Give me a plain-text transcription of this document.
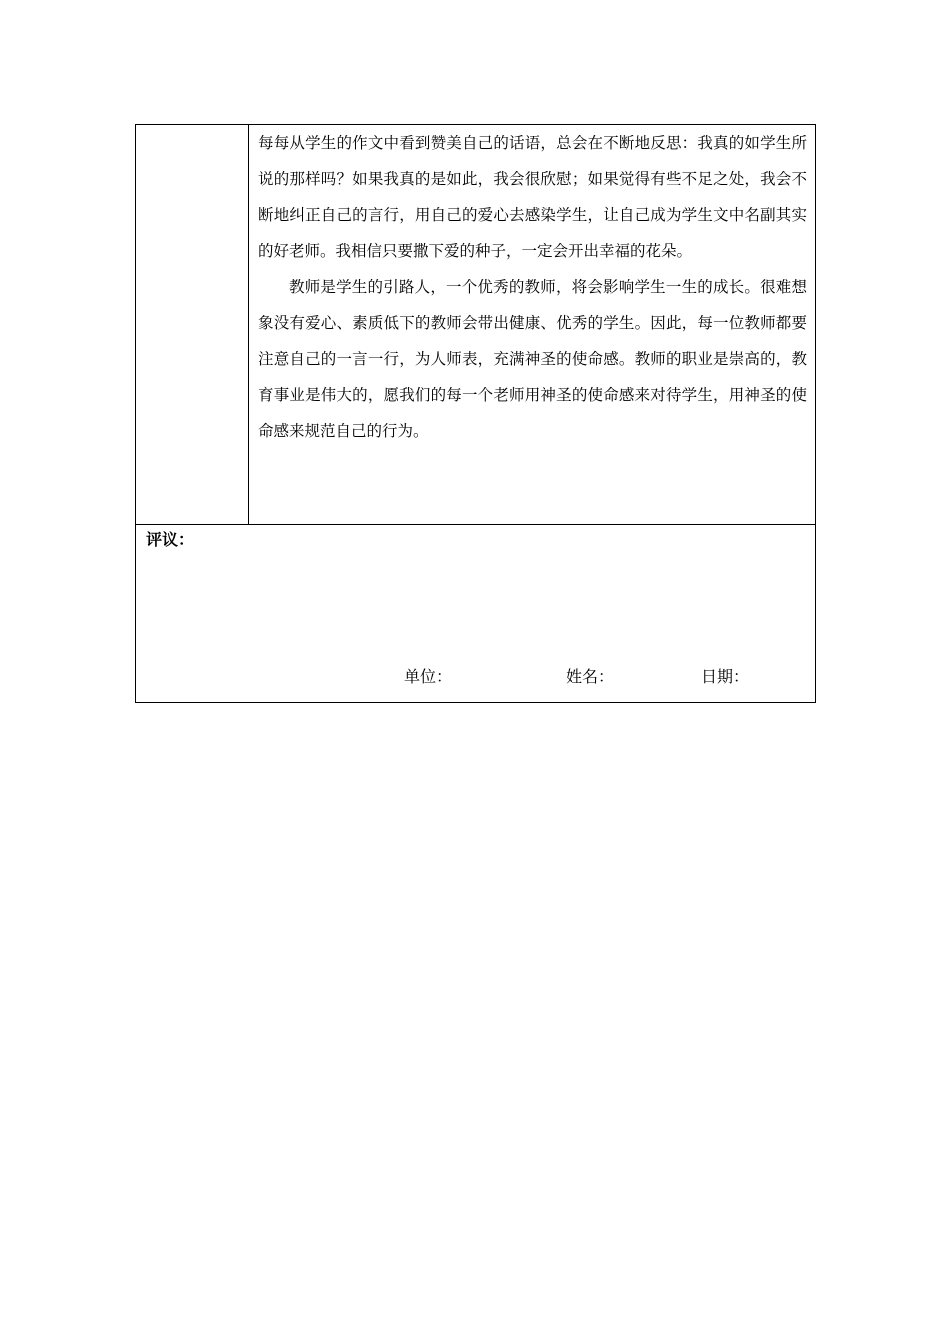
每每从学生的作文中看到赞美自己的话语，总会在不断地反思：我真的如学生所说的那样吗？如果我真的是如此，我会很欣慰；如果觉得有些不足之处，我会不断地纠正自己的言行，用自己的爱心去感染学生，让自己成为学生文中名副其实的好老师。我相信只要撒下爱的种子，一定会开出幸福的花朵。

教师是学生的引路人，一个优秀的教师，将会影响学生一生的成长。很难想象没有爱心、素质低下的教师会带出健康、优秀的学生。因此，每一位教师都要注意自己的一言一行，为人师表，充满神圣的使命感。教师的职业是崇高的，教育事业是伟大的，愿我们的每一个老师用神圣的使命感来对待学生，用神圣的使命感来规范自己的行为。

评议：
单位：	姓名：	日期：
